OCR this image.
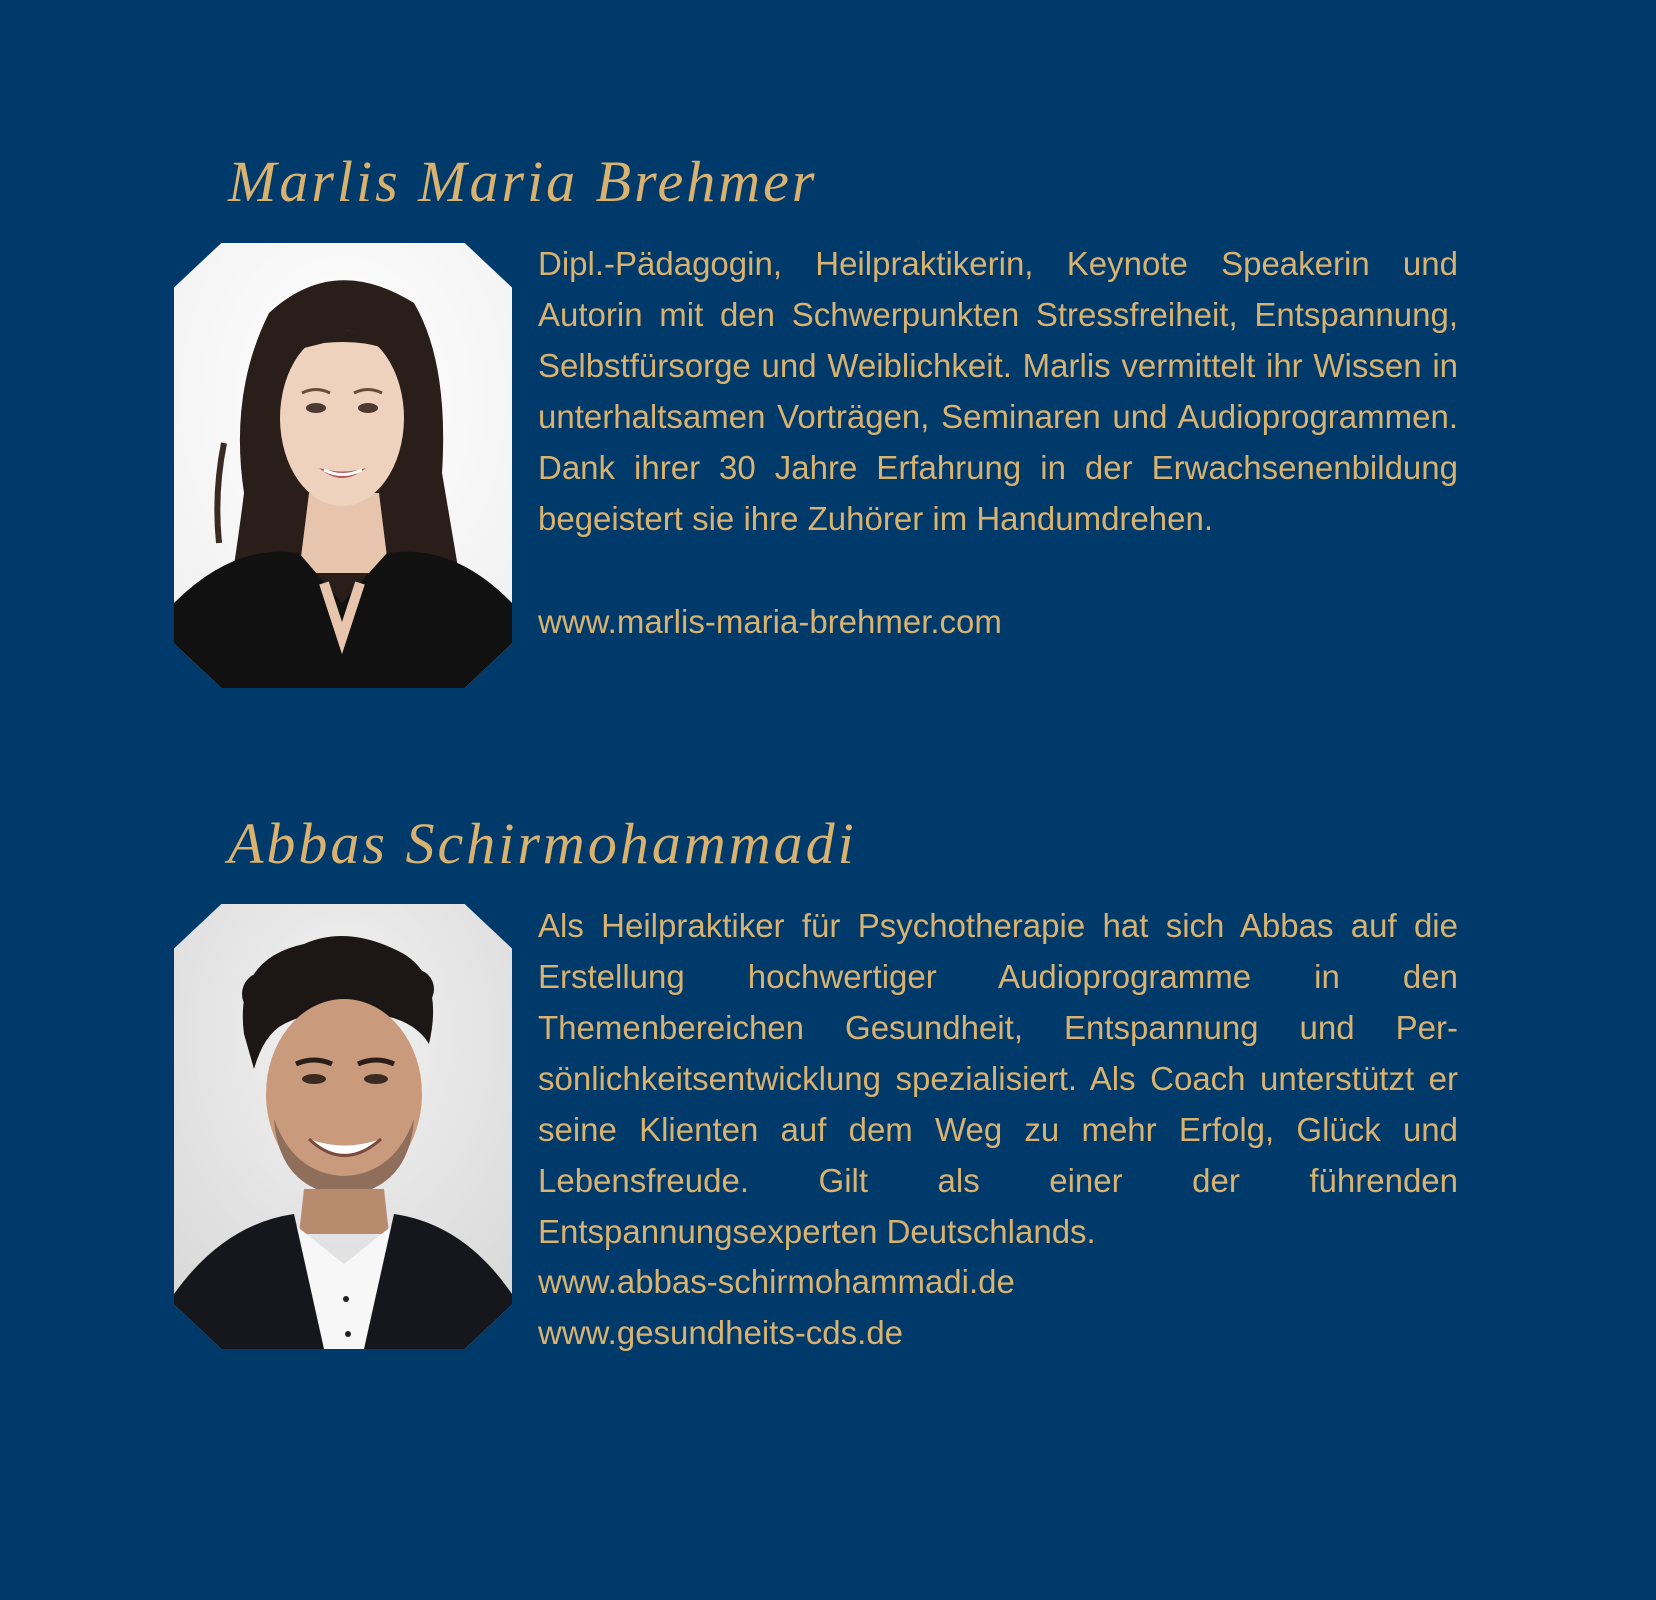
Marlis Maria Brehmer

Dipl.-Pädagogin, Heilpraktikerin, Keynote Speakerin und Autorin mit den Schwerpunkten Stressfreiheit, Entspannung, Selbstfürsorge und Weiblichkeit. Marlis vermittelt ihr Wissen in unterhaltsamen Vorträgen, Seminaren und Audioprogrammen. Dank ihrer 30 Jahre Erfahrung in der Erwachsenenbildung begeistert sie ihre Zuhörer im Handumdrehen.

www.marlis-maria-brehmer.com

Abbas Schirmohammadi

Als Heilpraktiker für Psychotherapie hat sich Abbas auf die Erstellung hochwertiger Audioprogramme in den Themenbereichen Gesundheit, Entspannung und Persönlichkeitsentwicklung spezialisiert. Als Coach unterstützt er seine Klienten auf dem Weg zu mehr Erfolg, Glück und Lebensfreude. Gilt als einer der führenden Entspannungsexperten Deutschlands.

www.abbas-schirmohammadi.de

www.gesundheits-cds.de
